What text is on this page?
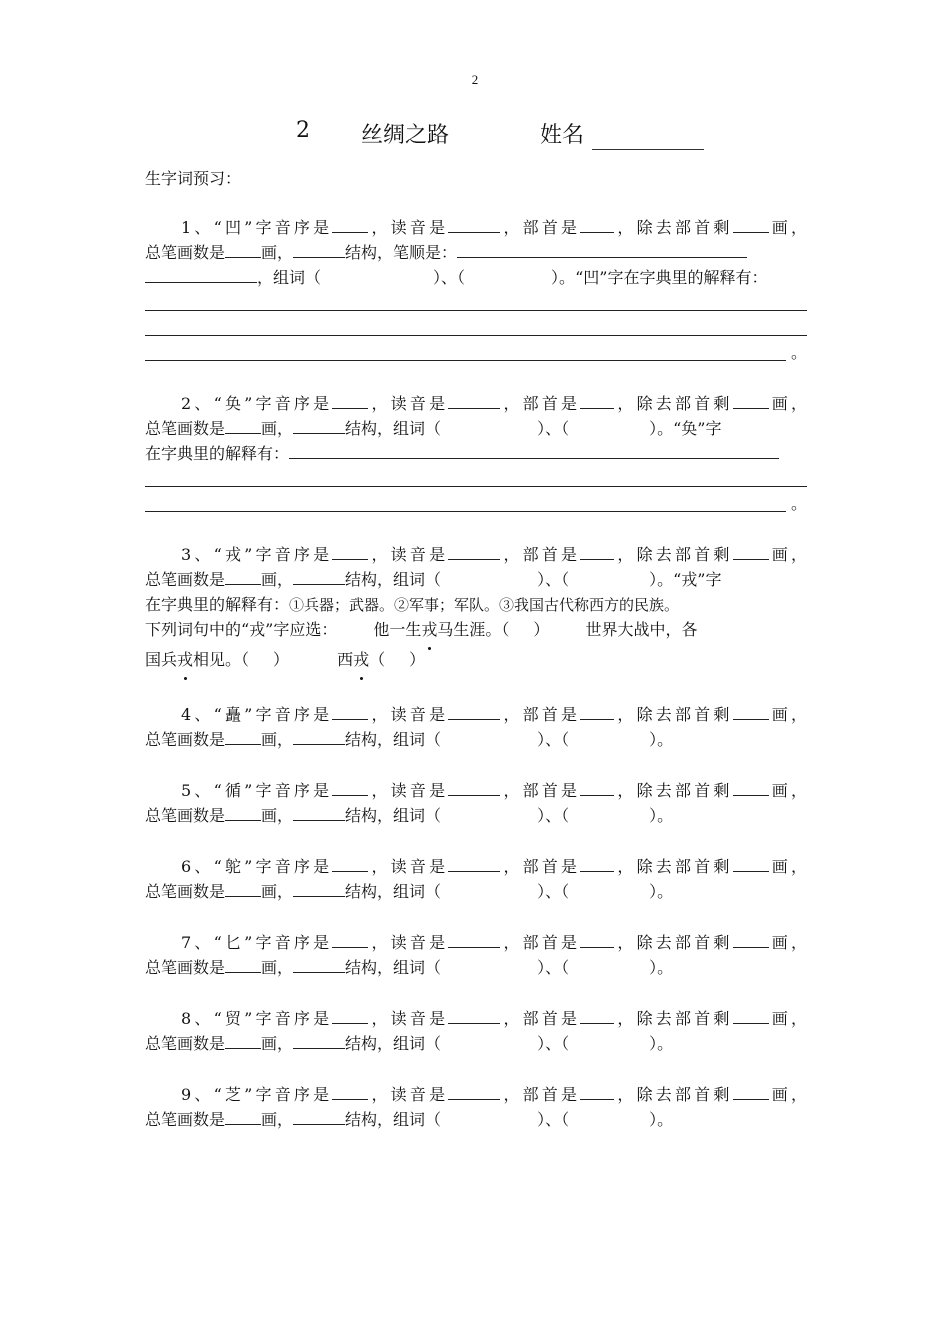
2
2 丝绸之路	姓名
生字词预习：
1、“凹”字音序是 ，读音是	，部首是 ，除去部首剩 画，
总笔画数是 画，	结构，笔顺是：
，组词（	）、（	）。“凹”字在字典里的解释有：
。
2、“奂”字音序是 ，读音是	，部首是 ，除去部首剩 画，
总笔画数是 画，	结构，组词（	）、（	）。“奂”字
在字典里的解释有：
。
3、“戎”字音序是 ，读音是	，部首是 ，除去部首剩 画，
总笔画数是 画，	结构，组词（	）、（	）。“戎”字
在字典里的解释有：①兵器；武器。②军事；军队。③我国古代称西方的民族。
下列词句中的“戎”字应选： 他一生戎马生涯。（ ） 世界大战中，各
国兵戎相见。（ ）	西戎（ ）
4、“矗”字音序是 ，读音是	，部首是 ，除去部首剩 画，
总笔画数是 画，	结构，组词（	）、（	）。
5、“循”字音序是 ，读音是	，部首是 ，除去部首剩 画，
总笔画数是 画，	结构，组词（	）、（	）。
6、“鸵”字音序是 ，读音是	，部首是 ，除去部首剩 画，
总笔画数是 画，	结构，组词（	）、（	）。
7、“匕”字音序是 ，读音是	，部首是 ，除去部首剩 画，
总笔画数是 画，	结构，组词（	）、（	）。
8、“贸”字音序是 ，读音是	，部首是 ，除去部首剩 画，
总笔画数是 画，	结构，组词（	）、（	）。
9、“芝”字音序是 ，读音是	，部首是 ，除去部首剩 画，
总笔画数是 画，	结构，组词（	）、（	）。
